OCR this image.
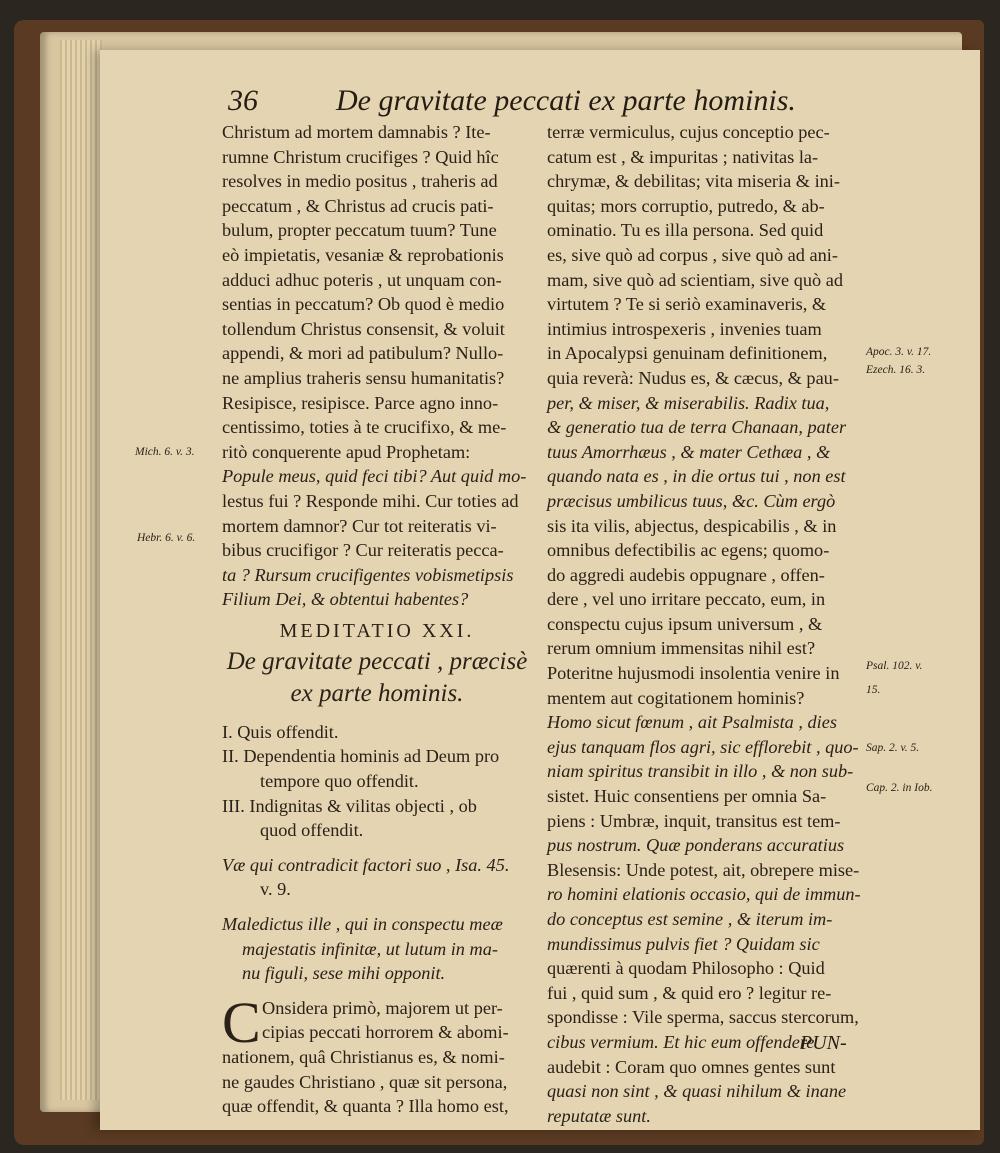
36	De gravitate peccati ex parte hominis.
Christum ad mortem damnabis ? Ite-
rumne Christum crucifiges ? Quid hîc
resolves in medio positus , traheris ad
peccatum , & Christus ad crucis pati-
bulum, propter peccatum tuum? Tune
eò impietatis, vesaniæ & reprobationis
adduci adhuc poteris , ut unquam con-
sentias in peccatum? Ob quod è medio
tollendum Christus consensit, & voluit
appendi, & mori ad patibulum? Nullo-
ne amplius traheris sensu humanitatis?
Resipisce, resipisce. Parce agno inno-
centissimo, toties à te crucifixo, & me-
ritò conquerente apud Prophetam:
Popule meus, quid feci tibi? Aut quid mo-
lestus fui ? Responde mihi. Cur toties ad
mortem damnor? Cur tot reiteratis vi-
bibus crucifigor ? Cur reiteratis pecca-
ta ? Rursum crucifigentes vobismetipsis
Filium Dei, & obtentui habentes?
MEDITATIO XXI.
De gravitate peccati , præcisè
ex parte hominis.
I. Quis offendit.
II. Dependentia hominis ad Deum pro
tempore quo offendit.
III. Indignitas & vilitas objecti , ob
quod offendit.
Væ qui contradicit factori suo , Isa. 45.
v. 9.
Maledictus ille , qui in conspectu meæ
majestatis infinitæ, ut lutum in ma-
nu figuli, sese mihi opponit.
C Onsidera primò, majorem ut per-
cipias peccati horrorem & abomi-
nationem, quâ Christianus es, & nomi-
ne gaudes Christiano , quæ sit persona,
quæ offendit, & quanta ? Illa homo est,
terræ vermiculus, cujus conceptio pec-
catum est , & impuritas ; nativitas la-
chrymæ, & debilitas; vita miseria & ini-
quitas; mors corruptio, putredo, & ab-
ominatio. Tu es illa persona. Sed quid
es, sive quò ad corpus , sive quò ad ani-
mam, sive quò ad scientiam, sive quò ad
virtutem ? Te si seriò examinaveris, &
intimius introspexeris , invenies tuam
in Apocalypsi genuinam definitionem,
quia reverà: Nudus es, & cæcus, & pau-
per, & miser, & miserabilis. Radix tua,
& generatio tua de terra Chanaan, pater
tuus Amorrhæus , & mater Cethæa , &
quando nata es , in die ortus tui , non est
præcisus umbilicus tuus, &c. Cùm ergò
sis ita vilis, abjectus, despicabilis , & in
omnibus defectibilis ac egens; quomo-
do aggredi audebis oppugnare , offen-
dere , vel uno irritare peccato, eum, in
conspectu cujus ipsum universum , &
rerum omnium immensitas nihil est?
Poteritne hujusmodi insolentia venire in
mentem aut cogitationem hominis?
Homo sicut fœnum , ait Psalmista , dies
ejus tanquam flos agri, sic efflorebit , quo-
niam spiritus transibit in illo , & non sub-
sistet. Huic consentiens per omnia Sa-
piens : Umbræ, inquit, transitus est tem-
pus nostrum. Quæ ponderans accuratius
Blesensis: Unde potest, ait, obrepere mise-
ro homini elationis occasio, qui de immun-
do conceptus est semine , & iterum im-
mundissimus pulvis fiet ? Quidam sic
quærenti à quodam Philosopho : Quid
fui , quid sum , & quid ero ? legitur re-
spondisse : Vile sperma, saccus stercorum,
cibus vermium. Et hic eum offendere
audebit : Coram quo omnes gentes sunt
quasi non sint , & quasi nihilum & inane
reputatæ sunt.
Mich. 6. v. 3.
Hebr. 6. v. 6.
Apoc. 3. v. 17.
Ezech. 16. 3.
Psal. 102. v.
15.
Sap. 2. v. 5.
Cap. 2. in Iob.
PUN-
